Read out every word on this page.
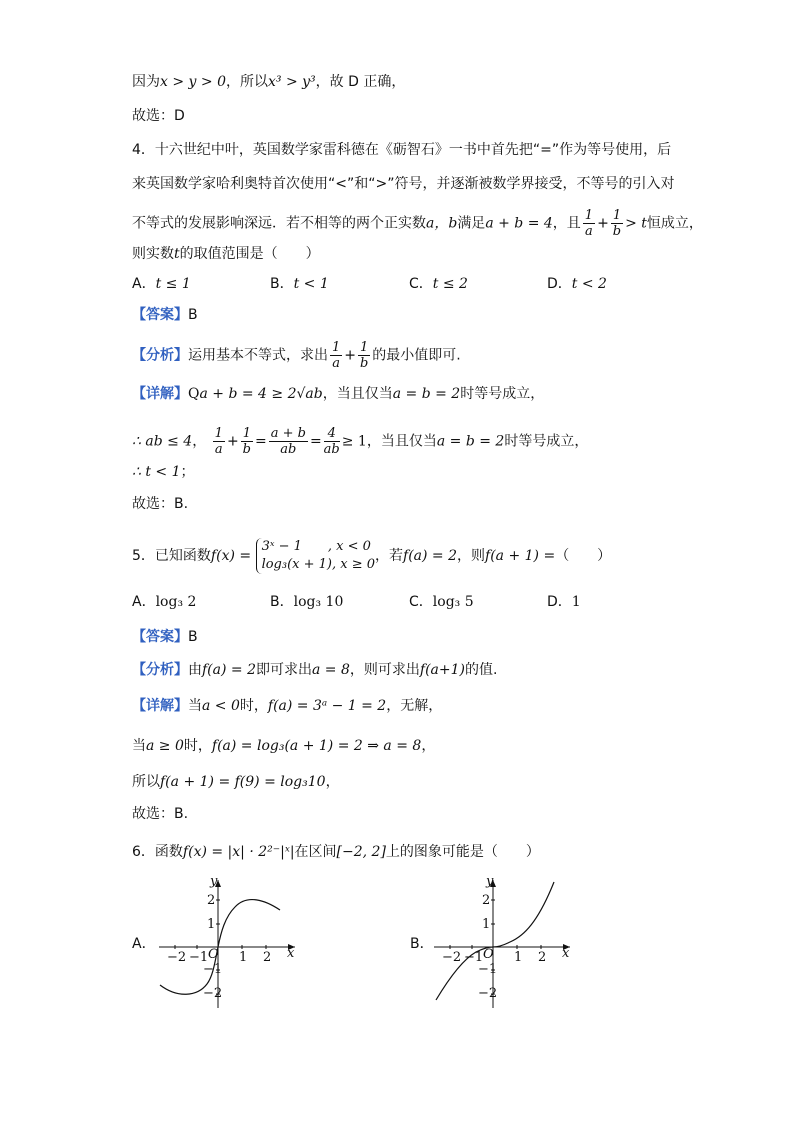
因为x > y > 0，所以x³ > y³，故 D 正确，
故选：D
4．十六世纪中叶，英国数学家雷科德在《砺智石》一书中首先把“=”作为等号使用，后
来英国数学家哈利奥特首次使用“<”和“>”符号，并逐渐被数学界接受，不等号的引入对
不等式的发展影响深远．若不相等的两个正实数a，b满足a + b = 4，且 $\frac{1}{a} + \frac{1}{b} > t$恒成立，
则实数t的取值范围是（　　）
A．t ≤ 1	B．t < 1	C．t ≤ 2	D．t < 2
【答案】B
【分析】运用基本不等式，求出 $\frac{1}{a} + \frac{1}{b}$ 的最小值即可.
【详解】Qa + b = 4 ≥ 2√ab，当且仅当a = b = 2时等号成立，
∴ ab ≤ 4， $\frac{1}{a} + \frac{1}{b} = \frac{a + b}{ab} = \frac{4}{ab} \ge 1$，当且仅当a = b = 2时等号成立，
∴ t < 1；
故选：B.
5．已知函数f(x) =
3ˣ − 1　　, x < 0
log₃(x + 1), x ≥ 0
，若f(a) = 2，则f(a + 1) =（　　）
A．log₃ 2	B．log₃ 10	C．log₃ 5	D．1
【答案】B
【分析】由f(a) = 2即可求出a = 8，则可求出f(a+1)的值.
【详解】当a < 0时，f(a) = 3ᵃ − 1 = 2，无解，
当a ≥ 0时，f(a) = log₃(a + 1) = 2 ⇒ a = 8，
所以f(a + 1) = f(9) = log₃10，
故选：B.
6．函数f(x) = |x| · 2²⁻|ˣ|在区间[−2, 2]上的图象可能是（　　）
A．	B．
y
x
O
2
1
−1
−2
−2 −1 1 2
y
x
O
2
1
−1
−2
−2 −1 1 2
